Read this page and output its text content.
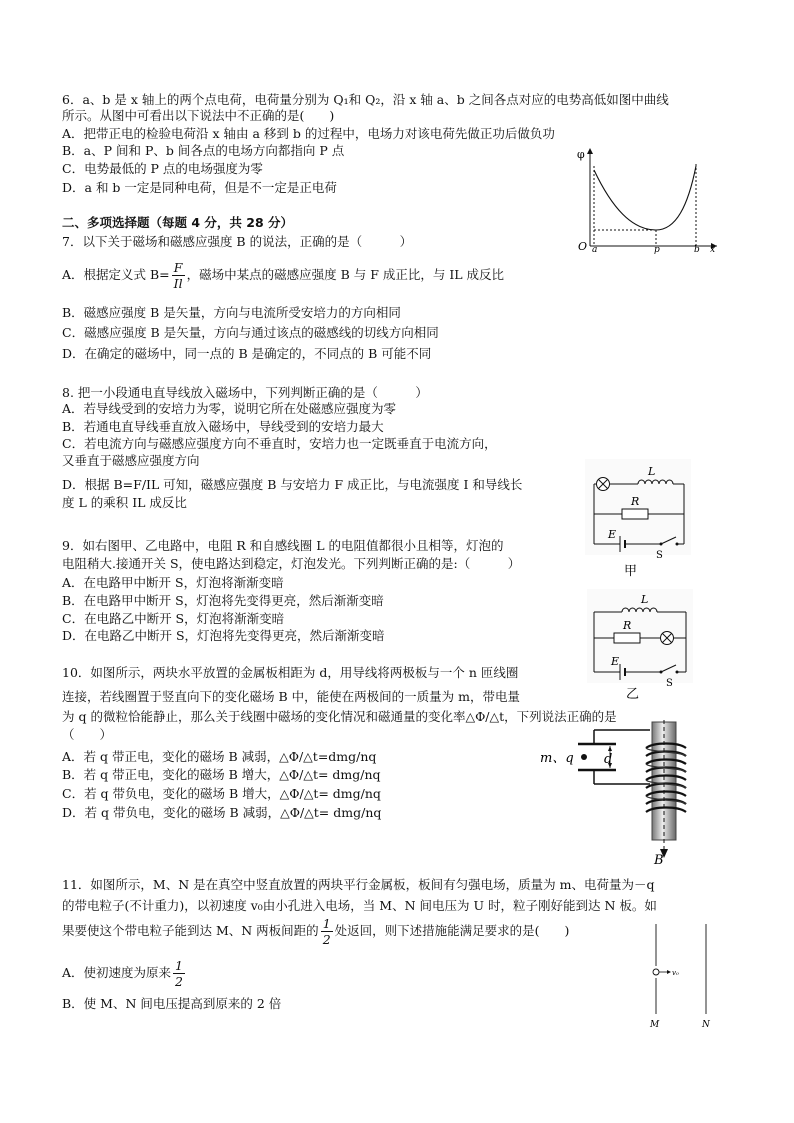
6．a、b 是 x 轴上的两个点电荷，电荷量分别为 Q₁和 Q₂，沿 x 轴 a、b 之间各点对应的电势高低如图中曲线
所示。从图中可看出以下说法中不正确的是(　　)
A．把带正电的检验电荷沿 x 轴由 a 移到 b 的过程中，电场力对该电荷先做正功后做负功
B．a、P 间和 P、b 间各点的电场方向都指向 P 点
C．电势最低的 P 点的电场强度为零
D．a 和 b 一定是同种电荷，但是不一定是正电荷
φ
O a	p	b x
二、多项选择题（每题 4 分，共 28 分）
7．以下关于磁场和磁感应强度 B 的说法，正确的是（　　　）
A．根据定义式 $B= \frac{F}{Il}$ ，磁场中某点的磁感应强度 B 与 F 成正比，与 IL 成反比
B．磁感应强度 B 是矢量，方向与电流所受安培力的方向相同
C．磁感应强度 B 是矢量，方向与通过该点的磁感线的切线方向相同
D．在确定的磁场中，同一点的 B 是确定的，不同点的 B 可能不同
8. 把一小段通电直导线放入磁场中，下列判断正确的是（　　　）
A．若导线受到的安培力为零，说明它所在处磁感应强度为零
B．若通电直导线垂直放入磁场中，导线受到的安培力最大
C．若电流方向与磁感应强度方向不垂直时，安培力也一定既垂直于电流方向，
又垂直于磁感应强度方向
D．根据 B=F/IL 可知，磁感应强度 B 与安培力 F 成正比，与电流强度 I 和导线长
度 L 的乘积 IL 成反比
L
R
E
S
甲
9．如右图甲、乙电路中，电阻 R 和自感线圈 L 的电阻值都很小且相等，灯泡的
电阻稍大.接通开关 S，使电路达到稳定，灯泡发光。下列判断正确的是:（　　　）
A．在电路甲中断开 S，灯泡将渐渐变暗
B．在电路甲中断开 S，灯泡将先变得更亮，然后渐渐变暗
C．在电路乙中断开 S，灯泡将渐渐变暗
D．在电路乙中断开 S，灯泡将先变得更亮，然后渐渐变暗
L
R
E
S
乙
10．如图所示，两块水平放置的金属板相距为 d，用导线将两极板与一个 n 匝线圈
连接，若线圈置于竖直向下的变化磁场 B 中，能使在两极间的一质量为 m，带电量
为 q 的微粒恰能静止，那么关于线圈中磁场的变化情况和磁通量的变化率△Φ/△t，下列说法正确的是
（　　）
A．若 q 带正电，变化的磁场 B 减弱，△Φ/△t=dmg/nq
B．若 q 带正电，变化的磁场 B 增大，△Φ/△t= dmg/nq
C．若 q 带负电，变化的磁场 B 增大，△Φ/△t= dmg/nq
D．若 q 带负电，变化的磁场 B 减弱，△Φ/△t= dmg/nq
m、q d
B
11．如图所示，M、N 是在真空中竖直放置的两块平行金属板，板间有匀强电场，质量为 m、电荷量为－q
的带电粒子(不计重力)，以初速度 v₀由小孔进入电场，当 M、N 间电压为 U 时，粒子刚好能到达 N 板。如
果要使这个带电粒子能到达 M、N 两板间距的 $\frac{1}{2}$ 处返回，则下述措施能满足要求的是(　　)
A．使初速度为原来 $\frac{1}{2}$
B．使 M、N 间电压提高到原来的 2 倍
v₀
M	N
